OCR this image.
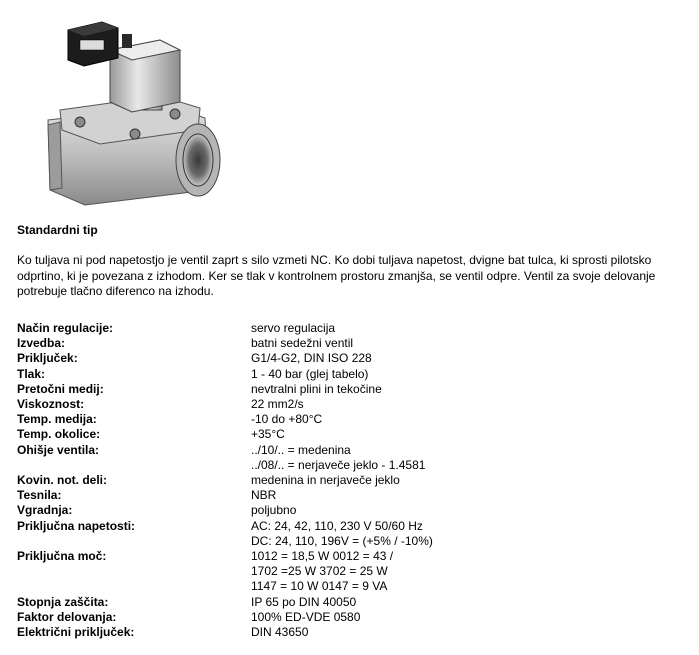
Standardni tip
Ko tuljava ni pod napetostjo je ventil zaprt s silo vzmeti NC. Ko dobi tuljava napetost, dvigne bat tulca, ki sprosti pilotsko odprtino, ki je povezana z izhodom. Ker se tlak v kontrolnem prostoru zmanjša, se ventil odpre. Ventil za svoje delovanje potrebuje tlačno diferenco na izhodu.
Način regulacije:	servo regulacija
Izvedba:	batni sedežni ventil
Priključek:	G1/4-G2, DIN ISO 228
Tlak:	1 - 40 bar (glej tabelo)
Pretočni medij:	nevtralni plini in tekočine
Viskoznost:	22 mm2/s
Temp. medija:	-10 do +80°C
Temp. okolice:	+35°C
Ohišje ventila:	../10/.. = medenina
../08/.. = nerjaveče jeklo - 1.4581
Kovin. not. deli:	medenina in nerjaveče jeklo
Tesnila:	NBR
Vgradnja:	poljubno
Priključna napetosti:	AC: 24, 42, 110, 230 V 50/60 Hz
DC: 24, 110, 196V = (+5% / -10%)
Priključna moč:	1012 = 18,5 W 0012 = 43 /
1702 =25 W 3702 = 25 W
1147 = 10 W 0147 = 9 VA
Stopnja zaščita:	IP 65 po DIN 40050
Faktor delovanja:	100% ED-VDE 0580
Električni priključek:	DIN 43650
